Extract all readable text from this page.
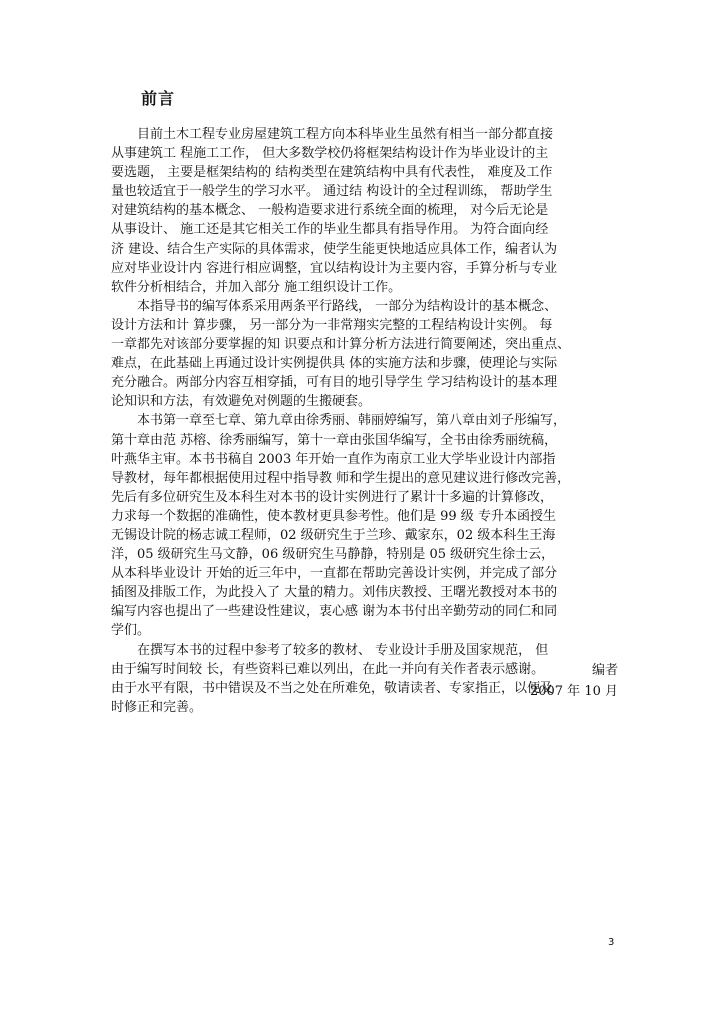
前言
目前土木工程专业房屋建筑工程方向本科毕业生虽然有相当一部分都直接
从事建筑工 程施工工作， 但大多数学校仍将框架结构设计作为毕业设计的主
要选题， 主要是框架结构的 结构类型在建筑结构中具有代表性， 难度及工作
量也较适宜于一般学生的学习水平。 通过结 构设计的全过程训练， 帮助学生
对建筑结构的基本概念、 一般构造要求进行系统全面的梳理， 对今后无论是
从事设计、 施工还是其它相关工作的毕业生都具有指导作用。 为符合面向经
济 建设、结合生产实际的具体需求，使学生能更快地适应具体工作，编者认为
应对毕业设计内 容进行相应调整，宜以结构设计为主要内容，手算分析与专业
软件分析相结合，并加入部分 施工组织设计工作。
本指导书的编写体系采用两条平行路线， 一部分为结构设计的基本概念、
设计方法和计 算步骤， 另一部分为一非常翔实完整的工程结构设计实例。 每
一章都先对该部分要掌握的知 识要点和计算分析方法进行简要阐述，突出重点、
难点，在此基础上再通过设计实例提供具 体的实施方法和步骤，使理论与实际
充分融合。两部分内容互相穿插，可有目的地引导学生 学习结构设计的基本理
论知识和方法，有效避免对例题的生搬硬套。
本书第一章至七章、第九章由徐秀丽、韩丽婷编写，第八章由刘子彤编写，
第十章由范 苏榕、徐秀丽编写，第十一章由张国华编写，全书由徐秀丽统稿，
叶燕华主审。本书书稿自 2003 年开始一直作为南京工业大学毕业设计内部指
导教材，每年都根据使用过程中指导教 师和学生提出的意见建议进行修改完善，
先后有多位研究生及本科生对本书的设计实例进行了累计十多遍的计算修改，
力求每一个数据的准确性，使本教材更具参考性。他们是 99 级 专升本函授生
无锡设计院的杨志诚工程师，02 级研究生于兰珍、戴家东，02 级本科生王海
洋，05 级研究生马文静，06 级研究生马静静，特别是 05 级研究生徐士云，
从本科毕业设计 开始的近三年中，一直都在帮助完善设计实例，并完成了部分
插图及排版工作，为此投入了 大量的精力。刘伟庆教授、王曙光教授对本书的
编写内容也提出了一些建设性建议，衷心感 谢为本书付出辛勤劳动的同仁和同
学们。
在撰写本书的过程中参考了较多的教材、 专业设计手册及国家规范， 但
由于编写时间较 长，有些资料已难以列出，在此一并向有关作者表示感谢。
由于水平有限，书中错误及不当之处在所难免，敬请读者、专家指正，以便及
时修正和完善。
编者
2007 年 10 月
3
